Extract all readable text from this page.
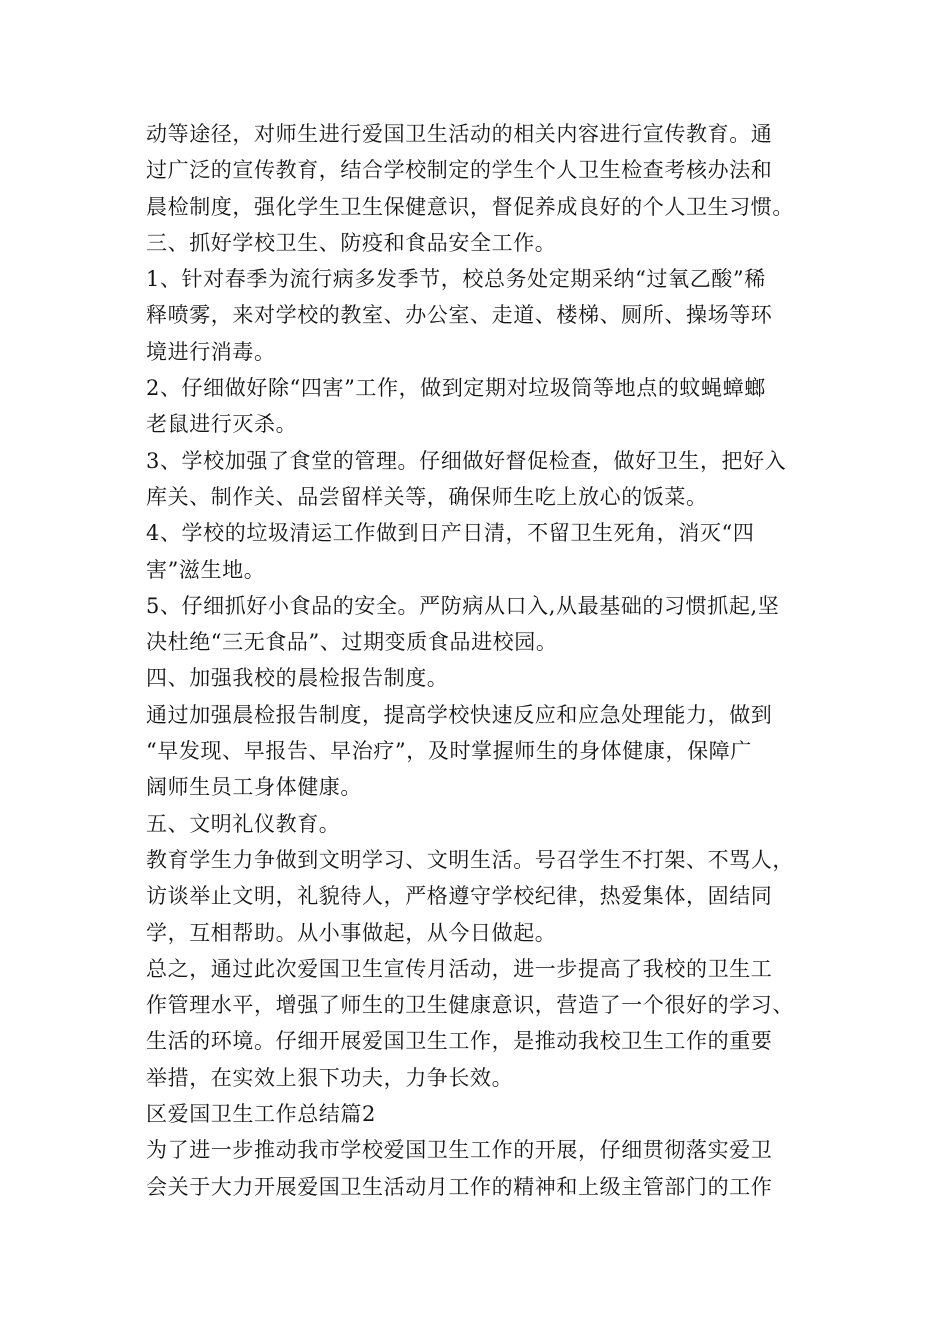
动等途径，对师生进行爱国卫生活动的相关内容进行宣传教育。通
过广泛的宣传教育，结合学校制定的学生个人卫生检查考核办法和
晨检制度，强化学生卫生保健意识，督促养成良好的个人卫生习惯。
三、抓好学校卫生、防疫和食品安全工作。
1、针对春季为流行病多发季节，校总务处定期采纳“过氧乙酸”稀
释喷雾，来对学校的教室、办公室、走道、楼梯、厕所、操场等环
境进行消毒。
2、仔细做好除“四害”工作，做到定期对垃圾筒等地点的蚊蝇蟑螂
老鼠进行灭杀。
3、学校加强了食堂的管理。仔细做好督促检查，做好卫生，把好入
库关、制作关、品尝留样关等，确保师生吃上放心的饭菜。
4、学校的垃圾清运工作做到日产日清，不留卫生死角，消灭“四
害”滋生地。
5、仔细抓好小食品的安全。严防病从口入,从最基础的习惯抓起,坚
决杜绝“三无食品”、过期变质食品进校园。
四、加强我校的晨检报告制度。
通过加强晨检报告制度，提高学校快速反应和应急处理能力，做到
“早发现、早报告、早治疗”，及时掌握师生的身体健康，保障广
阔师生员工身体健康。
五、文明礼仪教育。
教育学生力争做到文明学习、文明生活。号召学生不打架、不骂人，
访谈举止文明，礼貌待人，严格遵守学校纪律，热爱集体，固结同
学，互相帮助。从小事做起，从今日做起。
总之，通过此次爱国卫生宣传月活动，进一步提高了我校的卫生工
作管理水平，增强了师生的卫生健康意识，营造了一个很好的学习、
生活的环境。仔细开展爱国卫生工作，是推动我校卫生工作的重要
举措，在实效上狠下功夫，力争长效。
区爱国卫生工作总结篇2
为了进一步推动我市学校爱国卫生工作的开展，仔细贯彻落实爱卫
会关于大力开展爱国卫生活动月工作的精神和上级主管部门的工作
